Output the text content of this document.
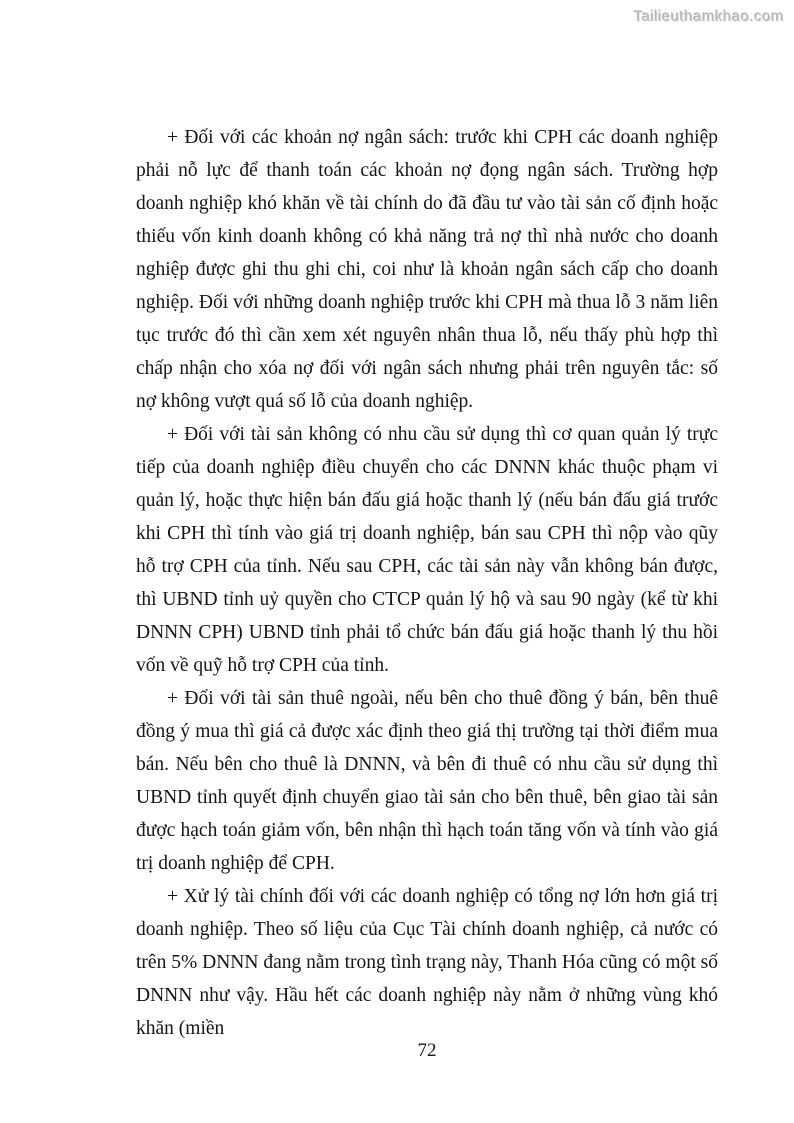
Tailieuthamkhao.com

+ Đối với các khoản nợ ngân sách: trước khi CPH các doanh nghiệp phải nỗ lực để thanh toán các khoản nợ đọng ngân sách. Trường hợp doanh nghiệp khó khăn về tài chính do đã đầu tư vào tài sản cố định hoặc thiếu vốn kinh doanh không có khả năng trả nợ thì nhà nước cho doanh nghiệp được ghi thu ghi chi, coi như là khoản ngân sách cấp cho doanh nghiệp. Đối với những doanh nghiệp trước khi CPH mà thua lỗ 3 năm liên tục trước đó thì cần xem xét nguyên nhân thua lỗ, nếu thấy phù hợp thì chấp nhận cho xóa nợ đối với ngân sách nhưng phải trên nguyên tắc: số nợ không vượt quá số lỗ của doanh nghiệp.

+ Đối với tài sản không có nhu cầu sử dụng thì cơ quan quản lý trực tiếp của doanh nghiệp điều chuyển cho các DNNN khác thuộc phạm vi quản lý, hoặc thực hiện bán đấu giá hoặc thanh lý (nếu bán đấu giá trước khi CPH thì tính vào giá trị doanh nghiệp, bán sau CPH thì nộp vào qũy hỗ trợ CPH của tỉnh. Nếu sau CPH, các tài sản này vẫn không bán được, thì UBND tỉnh uỷ quyền cho CTCP quản lý hộ và sau 90 ngày (kể từ khi DNNN CPH) UBND tỉnh phải tổ chức bán đấu giá hoặc thanh lý thu hồi vốn về quỹ hỗ trợ CPH của tỉnh.

+ Đối với tài sản thuê ngoài, nếu bên cho thuê đồng ý bán, bên thuê đồng ý mua thì giá cả được xác định theo giá thị trường tại thời điểm mua bán. Nếu bên cho thuê là DNNN, và bên đi thuê có nhu cầu sử dụng thì UBND tỉnh quyết định chuyển giao tài sản cho bên thuê, bên giao tài sản được hạch toán giảm vốn, bên nhận thì hạch toán tăng vốn và tính vào giá trị doanh nghiệp để CPH.

+ Xử lý tài chính đối với các doanh nghiệp có tổng nợ lớn hơn giá trị doanh nghiệp. Theo số liệu của Cục Tài chính doanh nghiệp, cả nước có trên 5% DNNN đang nằm trong tình trạng này, Thanh Hóa cũng có một số DNNN như vậy. Hầu hết các doanh nghiệp này nằm ở những vùng khó khăn (miền

72
